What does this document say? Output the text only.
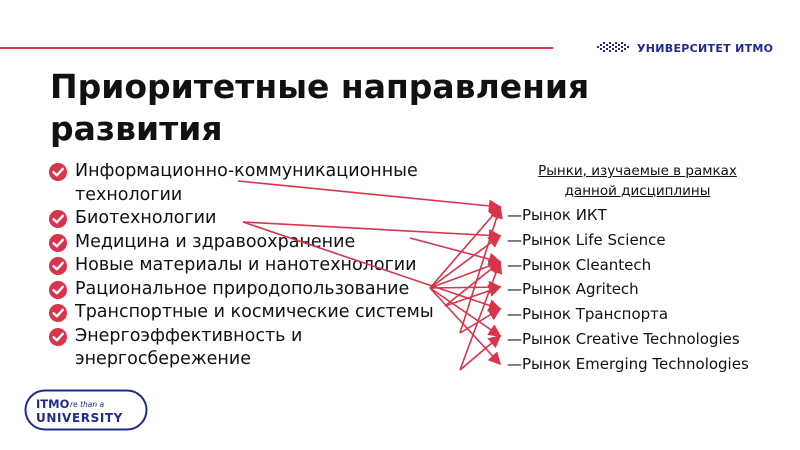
УНИВЕРСИТЕТ ИТМО
Приоритетные направления
развития
Информационно-коммуникационные
технологии
Биотехнологии
Медицина и здравоохранение
Новые материалы и нанотехнологии
Рациональное природопользование
Транспортные и космические системы
Энергоэффективность и
энергосбережение
Рынки, изучаемые в рамках
данной дисциплины
—Рынок ИКТ
—Рынок Life Science
—Рынок Cleantech
—Рынок Agritech
—Рынок Транспорта
—Рынок Creative Technologies
—Рынок Emerging Technologies
ITMO re than a
UNIVERSITY
